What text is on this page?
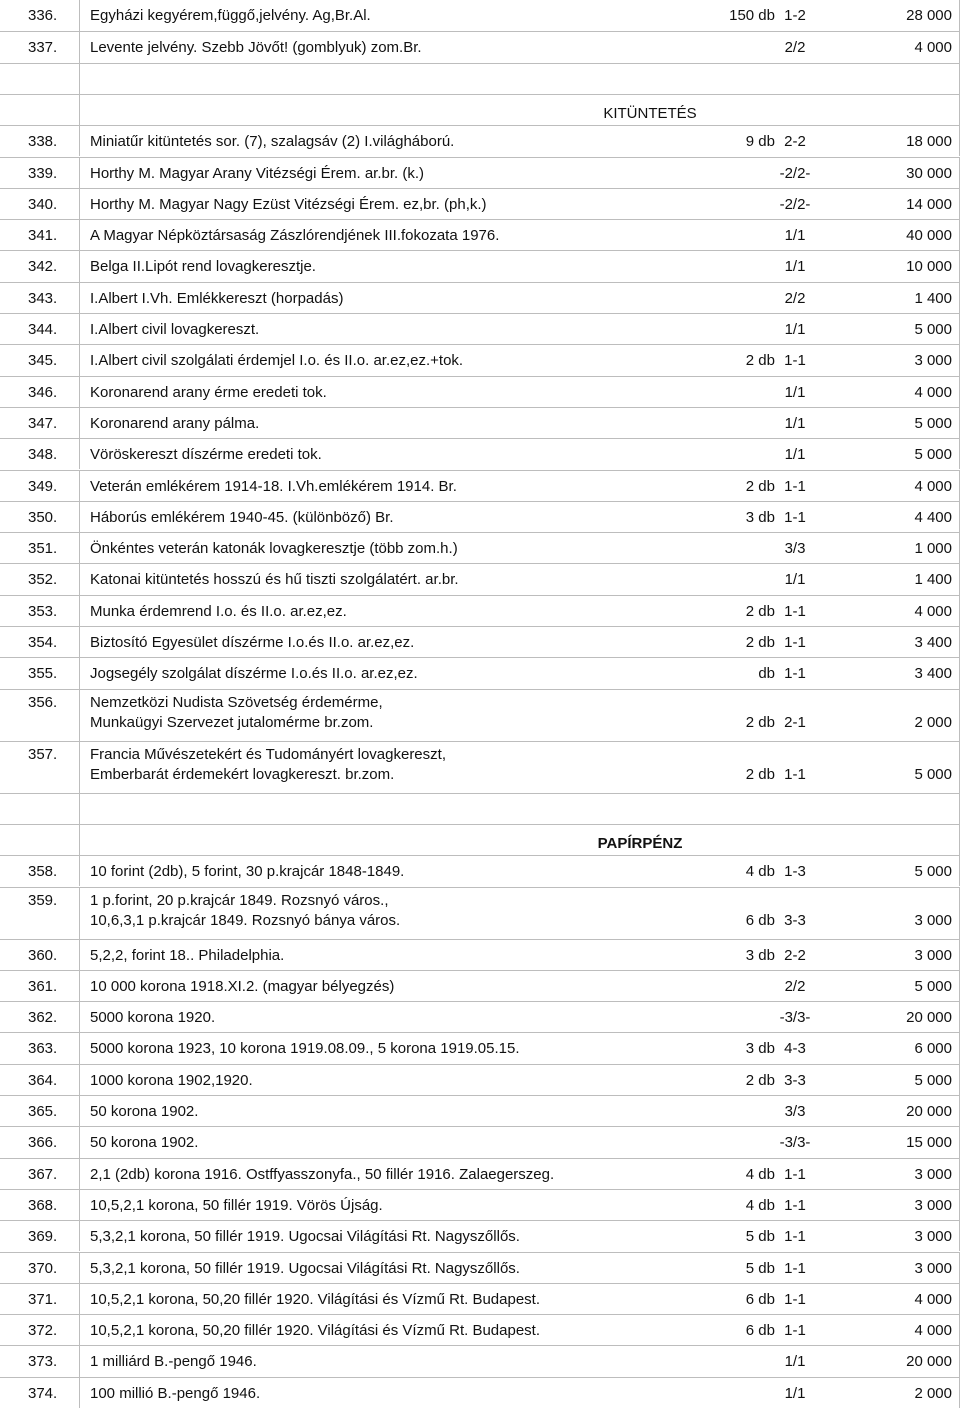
336. Egyházi kegyérem,függő,jelvény. Ag,Br.Al.	150 db 1-2	28 000
337. Levente jelvény. Szebb Jövőt! (gomblyuk) zom.Br.	2/2	4 000
KITÜNTETÉS
338. Miniatűr kitüntetés sor. (7), szalagsáv (2) I.világháború.	9 db 2-2	18 000
339. Horthy M. Magyar Arany Vitézségi Érem. ar.br. (k.)	-2/2-	30 000
340. Horthy M. Magyar Nagy Ezüst Vitézségi Érem. ez,br. (ph,k.)	-2/2-	14 000
341. A Magyar Népköztársaság Zászlórendjének III.fokozata 1976.	1/1	40 000
342. Belga II.Lipót rend lovagkeresztje.	1/1	10 000
343. I.Albert I.Vh. Emlékkereszt (horpadás)	2/2	1 400
344. I.Albert civil lovagkereszt.	1/1	5 000
345. I.Albert civil szolgálati érdemjel I.o. és II.o. ar.ez,ez.+tok.	2 db 1-1	3 000
346. Koronarend arany érme eredeti tok.	1/1	4 000
347. Koronarend arany pálma.	1/1	5 000
348. Vöröskereszt díszérme eredeti tok.	1/1	5 000
349. Veterán emlékérem 1914-18. I.Vh.emlékérem 1914. Br.	2 db 1-1	4 000
350. Háborús emlékérem 1940-45. (különböző) Br.	3 db 1-1	4 400
351. Önkéntes veterán katonák lovagkeresztje (több zom.h.)	3/3	1 000
352. Katonai kitüntetés hosszú és hű tiszti szolgálatért. ar.br.	1/1	1 400
353. Munka érdemrend I.o. és II.o. ar.ez,ez.	2 db 1-1	4 000
354. Biztosító Egyesület díszérme I.o.és II.o. ar.ez,ez.	2 db 1-1	3 400
355. Jogsegély szolgálat díszérme I.o.és II.o. ar.ez,ez.	db 1-1	3 400
356. Nemzetközi Nudista Szövetség érdemérme,
Munkaügyi Szervezet jutalomérme br.zom.	2 db 2-1	2 000
357. Francia Művészetekért és Tudományért lovagkereszt,
Emberbarát érdemekért lovagkereszt. br.zom.	2 db 1-1	5 000
PAPÍRPÉNZ
358. 10 forint (2db), 5 forint, 30 p.krajcár 1848-1849.	4 db 1-3	5 000
359. 1 p.forint, 20 p.krajcár 1849. Rozsnyó város.,
10,6,3,1 p.krajcár 1849. Rozsnyó bánya város.	6 db 3-3	3 000
360. 5,2,2, forint 18.. Philadelphia.	3 db 2-2	3 000
361. 10 000 korona 1918.XI.2. (magyar bélyegzés)	2/2	5 000
362. 5000 korona 1920.	-3/3-	20 000
363. 5000 korona 1923, 10 korona 1919.08.09., 5 korona 1919.05.15.	3 db 4-3	6 000
364. 1000 korona 1902,1920.	2 db 3-3	5 000
365. 50 korona 1902.	3/3	20 000
366. 50 korona 1902.	-3/3-	15 000
367. 2,1 (2db) korona 1916. Ostffyasszonyfa., 50 fillér 1916. Zalaegerszeg.	4 db 1-1	3 000
368. 10,5,2,1 korona, 50 fillér 1919. Vörös Újság.	4 db 1-1	3 000
369. 5,3,2,1 korona, 50 fillér 1919. Ugocsai Világítási Rt. Nagyszőllős.	5 db 1-1	3 000
370. 5,3,2,1 korona, 50 fillér 1919. Ugocsai Világítási Rt. Nagyszőllős.	5 db 1-1	3 000
371. 10,5,2,1 korona, 50,20 fillér 1920. Világítási és Vízmű Rt. Budapest.	6 db 1-1	4 000
372. 10,5,2,1 korona, 50,20 fillér 1920. Világítási és Vízmű Rt. Budapest.	6 db 1-1	4 000
373. 1 milliárd B.-pengő 1946.	1/1	20 000
374. 100 millió B.-pengő 1946.	1/1	2 000
